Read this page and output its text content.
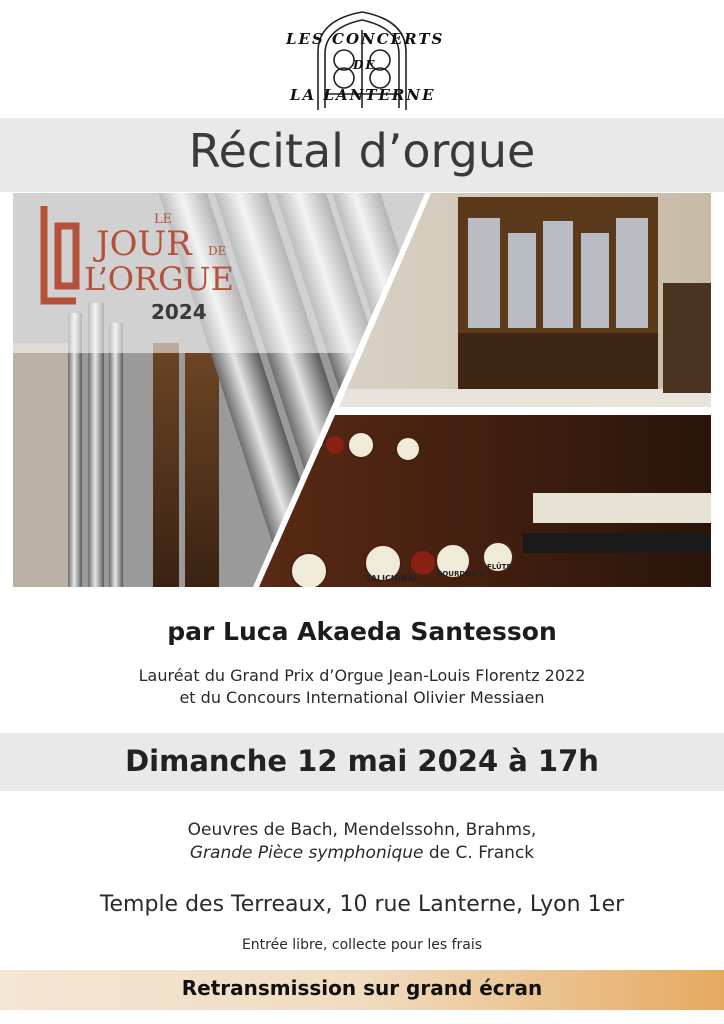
LES CONCERTS
DE
LA LANTERNE
Récital d’orgue
SALICIONAL	BOURDON 8
FLÛTE
LE
JOUR DE
L’ORGUE
2024
par Luca Akaeda Santesson
Lauréat du Grand Prix d’Orgue Jean-Louis Florentz 2022
et du Concours International Olivier Messiaen
Dimanche 12 mai 2024 à 17h
Oeuvres de Bach, Mendelssohn, Brahms,
Grande Pièce symphonique de C. Franck
Temple des Terreaux, 10 rue Lanterne, Lyon 1er
Entrée libre, collecte pour les frais
Retransmission sur grand écran
